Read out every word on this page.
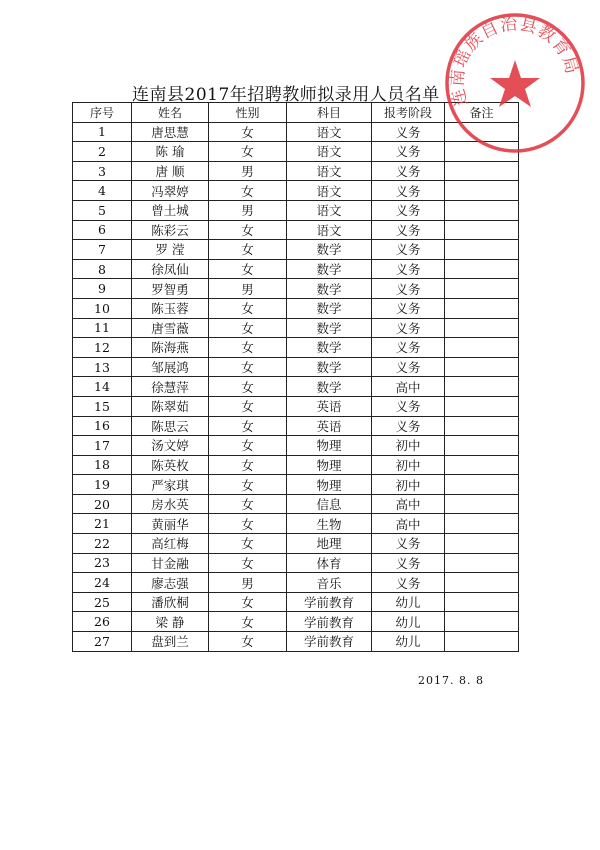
连南县2017年招聘教师拟录用人员名单
序号	姓名	性别	科目	报考阶段	备注
1	唐思慧	女	语文	义务	
2	陈 瑜	女	语文	义务	
3	唐 顺	男	语文	义务	
4	冯翠婷	女	语文	义务	
5	曾土城	男	语文	义务	
6	陈彩云	女	语文	义务	
7	罗 滢	女	数学	义务	
8	徐凤仙	女	数学	义务	
9	罗智勇	男	数学	义务	
10	陈玉蓉	女	数学	义务	
11	唐雪薇	女	数学	义务	
12	陈海燕	女	数学	义务	
13	邹展鸿	女	数学	义务	
14	徐慧萍	女	数学	高中	
15	陈翠茹	女	英语	义务	
16	陈思云	女	英语	义务	
17	汤文婷	女	物理	初中	
18	陈英枚	女	物理	初中	
19	严家琪	女	物理	初中	
20	房水英	女	信息	高中	
21	黄丽华	女	生物	高中	
22	高红梅	女	地理	义务	
23	甘金融	女	体育	义务	
24	廖志强	男	音乐	义务	
25	潘欣桐	女	学前教育	幼儿	
26	梁 静	女	学前教育	幼儿	
27	盘到兰	女	学前教育	幼儿	
2017. 8. 8
连南瑶族自治县教育局
